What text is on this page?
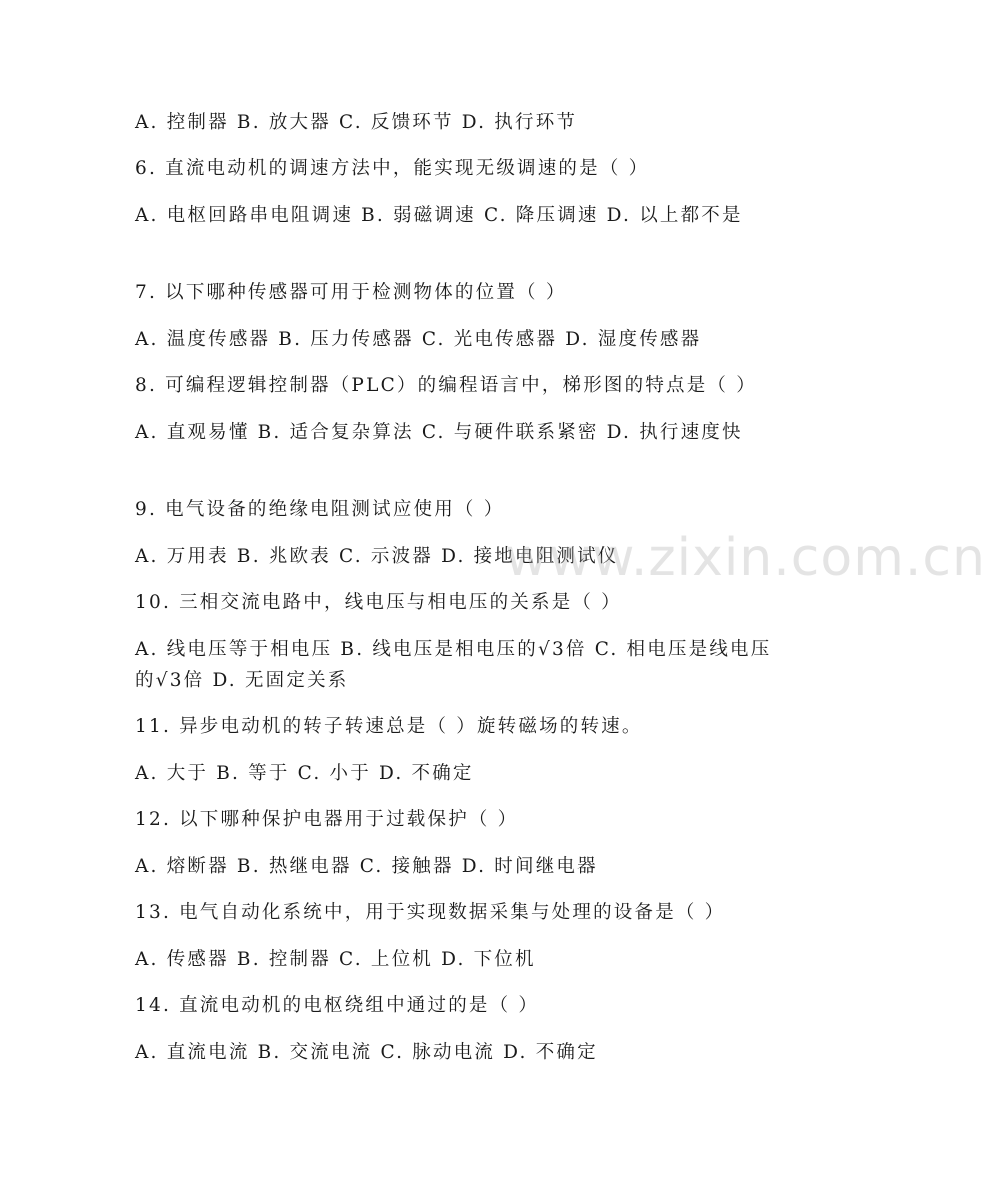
A. 控制器 B. 放大器 C. 反馈环节 D. 执行环节
6. 直流电动机的调速方法中，能实现无级调速的是（ ）
A. 电枢回路串电阻调速 B. 弱磁调速 C. 降压调速 D. 以上都不是
7. 以下哪种传感器可用于检测物体的位置（ ）
A. 温度传感器 B. 压力传感器 C. 光电传感器 D. 湿度传感器
8. 可编程逻辑控制器（PLC）的编程语言中，梯形图的特点是（ ）
A. 直观易懂 B. 适合复杂算法 C. 与硬件联系紧密 D. 执行速度快
9. 电气设备的绝缘电阻测试应使用（ ）
A. 万用表 B. 兆欧表 C. 示波器 D. 接地电阻测试仪
10. 三相交流电路中，线电压与相电压的关系是（ ）
A. 线电压等于相电压 B. 线电压是相电压的√3倍 C. 相电压是线电压的√3倍 D. 无固定关系
11. 异步电动机的转子转速总是（ ）旋转磁场的转速。
A. 大于 B. 等于 C. 小于 D. 不确定
12. 以下哪种保护电器用于过载保护（ ）
A. 熔断器 B. 热继电器 C. 接触器 D. 时间继电器
13. 电气自动化系统中，用于实现数据采集与处理的设备是（ ）
A. 传感器 B. 控制器 C. 上位机 D. 下位机
14. 直流电动机的电枢绕组中通过的是（ ）
A. 直流电流 B. 交流电流 C. 脉动电流 D. 不确定
www.zixin.com.cn
